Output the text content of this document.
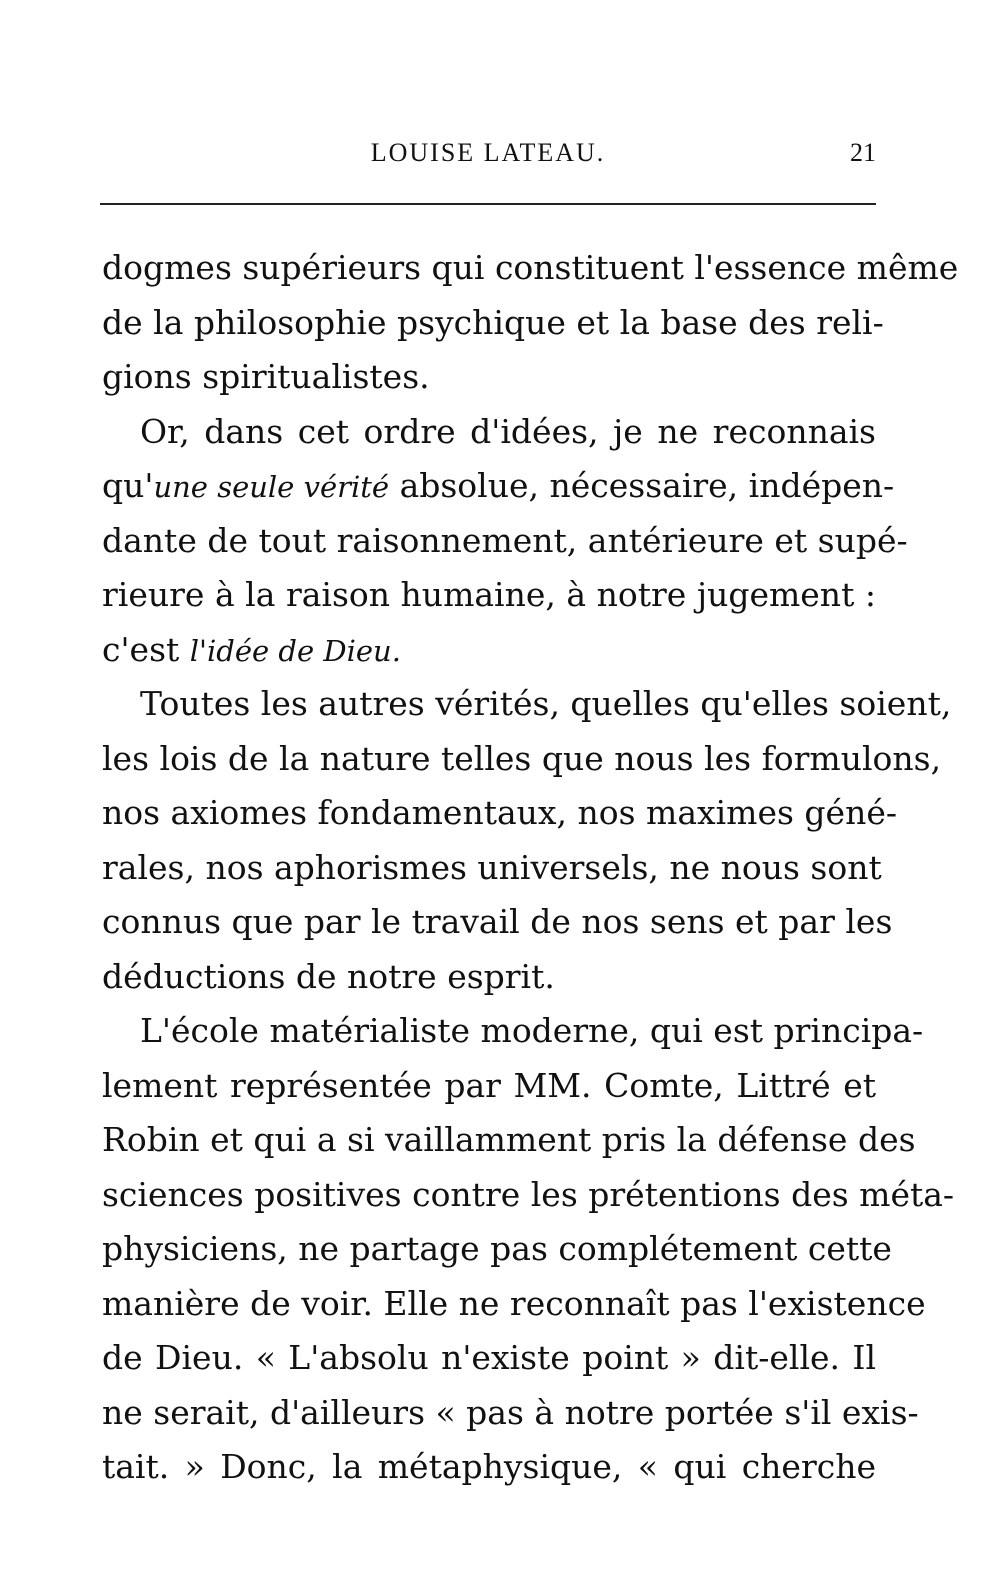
LOUISE LATEAU.	21
dogmes supérieurs qui constituent l'essence même
de la philosophie psychique et la base des reli-
gions spiritualistes.
Or, dans cet ordre d'idées, je ne reconnais
qu'une seule vérité absolue, nécessaire, indépen-
dante de tout raisonnement, antérieure et supé-
rieure à la raison humaine, à notre jugement :
c'est l'idée de Dieu.
Toutes les autres vérités, quelles qu'elles soient,
les lois de la nature telles que nous les formulons,
nos axiomes fondamentaux, nos maximes géné-
rales, nos aphorismes universels, ne nous sont
connus que par le travail de nos sens et par les
déductions de notre esprit.
L'école matérialiste moderne, qui est principa-
lement représentée par MM. Comte, Littré et
Robin et qui a si vaillamment pris la défense des
sciences positives contre les prétentions des méta-
physiciens, ne partage pas complétement cette
manière de voir. Elle ne reconnaît pas l'existence
de Dieu. « L'absolu n'existe point » dit-elle. Il
ne serait, d'ailleurs « pas à notre portée s'il exis-
tait. » Donc, la métaphysique, « qui cherche
